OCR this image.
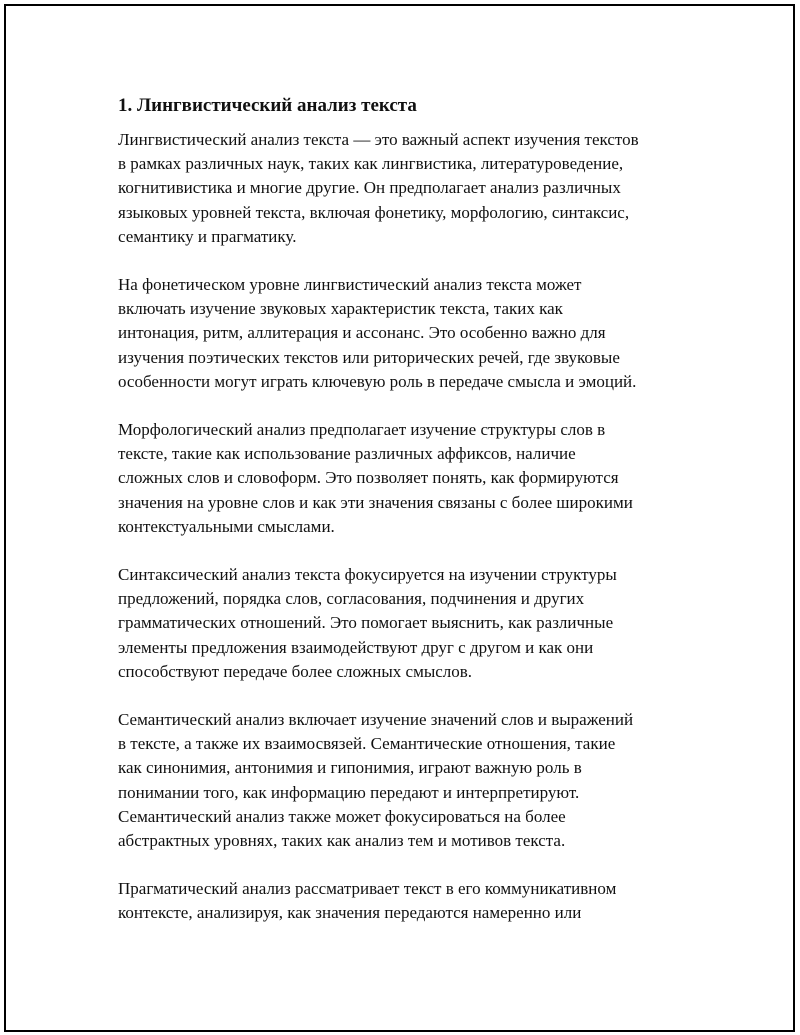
1. Лингвистический анализ текста

Лингвистический анализ текста — это важный аспект изучения текстов
в рамках различных наук, таких как лингвистика, литературоведение,
когнитивистика и многие другие. Он предполагает анализ различных
языковых уровней текста, включая фонетику, морфологию, синтаксис,
семантику и прагматику.

На фонетическом уровне лингвистический анализ текста может
включать изучение звуковых характеристик текста, таких как
интонация, ритм, аллитерация и ассонанс. Это особенно важно для
изучения поэтических текстов или риторических речей, где звуковые
особенности могут играть ключевую роль в передаче смысла и эмоций.

Морфологический анализ предполагает изучение структуры слов в
тексте, такие как использование различных аффиксов, наличие
сложных слов и словоформ. Это позволяет понять, как формируются
значения на уровне слов и как эти значения связаны с более широкими
контекстуальными смыслами.

Синтаксический анализ текста фокусируется на изучении структуры
предложений, порядка слов, согласования, подчинения и других
грамматических отношений. Это помогает выяснить, как различные
элементы предложения взаимодействуют друг с другом и как они
способствуют передаче более сложных смыслов.

Семантический анализ включает изучение значений слов и выражений
в тексте, а также их взаимосвязей. Семантические отношения, такие
как синонимия, антонимия и гипонимия, играют важную роль в
понимании того, как информацию передают и интерпретируют.
Семантический анализ также может фокусироваться на более
абстрактных уровнях, таких как анализ тем и мотивов текста.

Прагматический анализ рассматривает текст в его коммуникативном
контексте, анализируя, как значения передаются намеренно или
